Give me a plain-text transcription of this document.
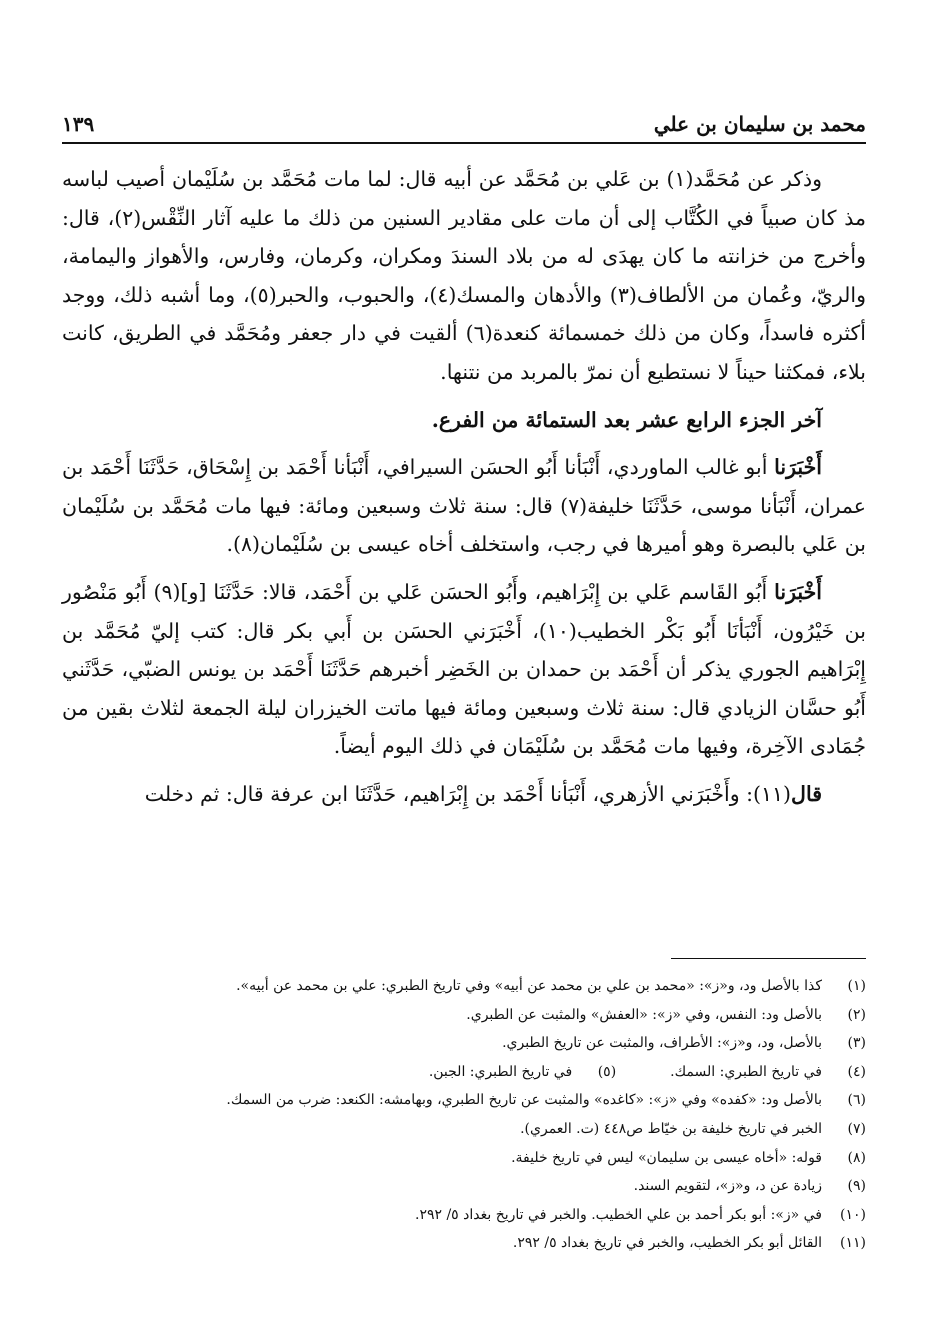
محمد بن سليمان بن علي
١٣٩

وذكر عن مُحَمَّد(١) بن عَلي بن مُحَمَّد عن أبيه قال: لما مات مُحَمَّد بن سُلَيْمان أصيب لباسه مذ كان صبياً في الكُتَّاب إلى أن مات على مقادير السنين من ذلك ما عليه آثار النِّقْس(٢)، قال: وأخرج من خزانته ما كان يهدَى له من بلاد السندَ ومكران، وكرمان، وفارس، والأهواز واليمامة، والريّ، وعُمان من الألطاف(٣) والأدهان والمسك(٤)، والحبوب، والحبر(٥)، وما أشبه ذلك، ووجد أكثره فاسداً، وكان من ذلك خمسمائة كنعدة(٦) ألقيت في دار جعفر ومُحَمَّد في الطريق، كانت بلاء، فمكثنا حيناً لا نستطيع أن نمرّ بالمربد من نتنها.

آخر الجزء الرابع عشر بعد الستمائة من الفرع.

أَخْبَرَنا أبو غالب الماوردي، أَنْبَأنا أَبُو الحسَن السيرافي، أَنْبَأنا أَحْمَد بن إِسْحَاق، حَدَّثَنَا أَحْمَد بن عمران، أَنْبَأنا موسى، حَدَّثَنَا خليفة(٧) قال: سنة ثلاث وسبعين ومائة: فيها مات مُحَمَّد بن سُلَيْمان بن عَلي بالبصرة وهو أميرها في رجب، واستخلف أخاه عيسى بن سُلَيْمان(٨).

أَخْبَرَنا أَبُو القَاسم عَلي بن إِبْرَاهيم، وأَبُو الحسَن عَلي بن أَحْمَد، قالا: حَدَّثَنَا [و](٩) أَبُو مَنْصُور بن خَيْرُون، أَنْبَأنَا أَبُو بَكْر الخطيب(١٠)، أَخْبَرَني الحسَن بن أَبي بكر قال: كتب إليّ مُحَمَّد بن إِبْرَاهيم الجوري يذكر أن أَحْمَد بن حمدان بن الخَضِر أخبرهم حَدَّثَنَا أَحْمَد بن يونس الضبّي، حَدَّثَني أَبُو حسَّان الزيادي قال: سنة ثلاث وسبعين ومائة فيها ماتت الخيزران ليلة الجمعة لثلاث بقين من جُمَادى الآخِرة، وفيها مات مُحَمَّد بن سُلَيْمَان في ذلك اليوم أيضاً.

قال(١١): وأَخْبَرَني الأزهري، أَنْبَأنا أَحْمَد بن إِبْرَاهيم، حَدَّثَنَا ابن عرفة قال: ثم دخلت

(١)
كذا بالأصل ود، و«ز»: «محمد بن علي بن محمد عن أبيه» وفي تاريخ الطبري: علي بن محمد عن أبيه».
(٢)
بالأصل ود: النفس، وفي «ز»: «العفش» والمثبت عن الطبري.
(٣)
بالأصل، ود، و«ز»: الأطراف، والمثبت عن تاريخ الطبري.
(٤)
في تاريخ الطبري: السمك.
(٥)
في تاريخ الطبري: الجبن.
(٦)
بالأصل ود: «كفده» وفي «ز»: «كاغده» والمثبت عن تاريخ الطبري، وبهامشه: الكنعد: ضرب من السمك.
(٧)
الخبر في تاريخ خليفة بن خيّاط ص٤٤٨ (ت. العمري).
(٨)
قوله: «أخاه عيسى بن سليمان» ليس في تاريخ خليفة.
(٩)
زيادة عن د، و«ز»، لتقويم السند.
(١٠)
في «ز»: أبو بكر أحمد بن علي الخطيب. والخبر في تاريخ بغداد ٥/ ٢٩٢.
(١١)
القائل أبو بكر الخطيب، والخبر في تاريخ بغداد ٥/ ٢٩٢.
